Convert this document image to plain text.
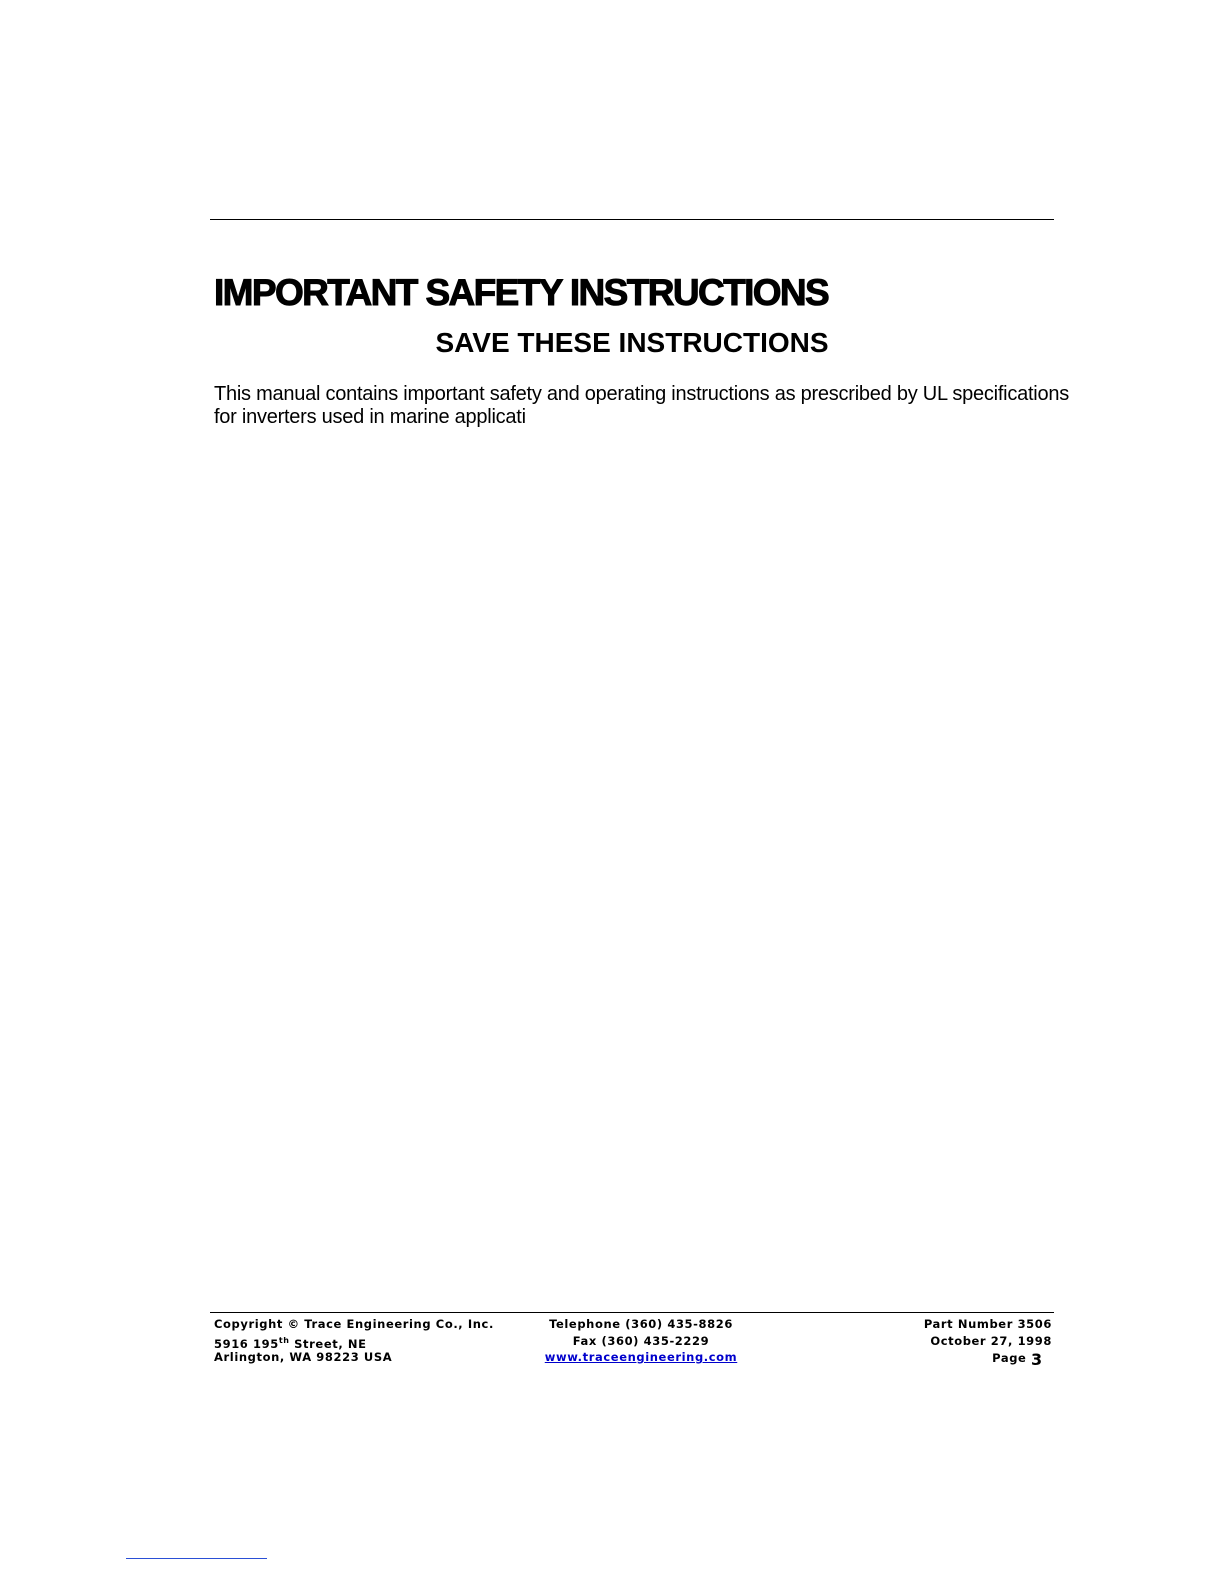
IMPORTANT SAFETY INSTRUCTIONS
SAVE THESE INSTRUCTIONS

This manual contains important safety and operating instructions as prescribed by UL specifications
for inverters used in marine applicati

Copyright © Trace Engineering Co., Inc.
5916 195th Street, NE
Arlington, WA 98223 USA
Telephone (360) 435-8826
Fax (360) 435-2229
www.traceengineering.com
Part Number 3506
October 27, 1998
Page 3
